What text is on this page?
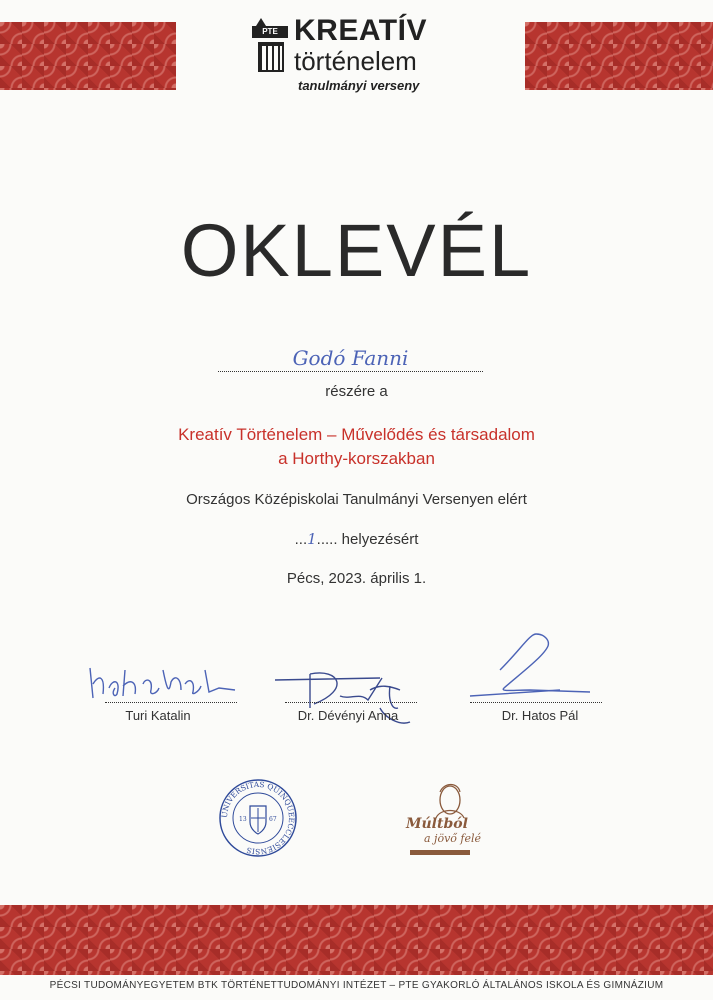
PTE KREATÍV
történelem
tanulmányi verseny
OKLEVÉL
Godó Fanni
részére a
Kreatív Történelem – Művelődés és társadalom
a Horthy-korszakban
Országos Középiskolai Tanulmányi Versenyen elért
...1..... helyezésért
Pécs, 2023. április 1.
Turi Katalin	Dr. Dévényi Anna	Dr. Hatos Pál
UNIVERSITAS QUINQUEECCLESIENSIS
13	67	Múltból
a jövő felé
PÉCSI TUDOMÁNYEGYETEM BTK TÖRTÉNETTUDOMÁNYI INTÉZET – PTE GYAKORLÓ ÁLTALÁNOS ISKOLA ÉS GIMNÁZIUM
